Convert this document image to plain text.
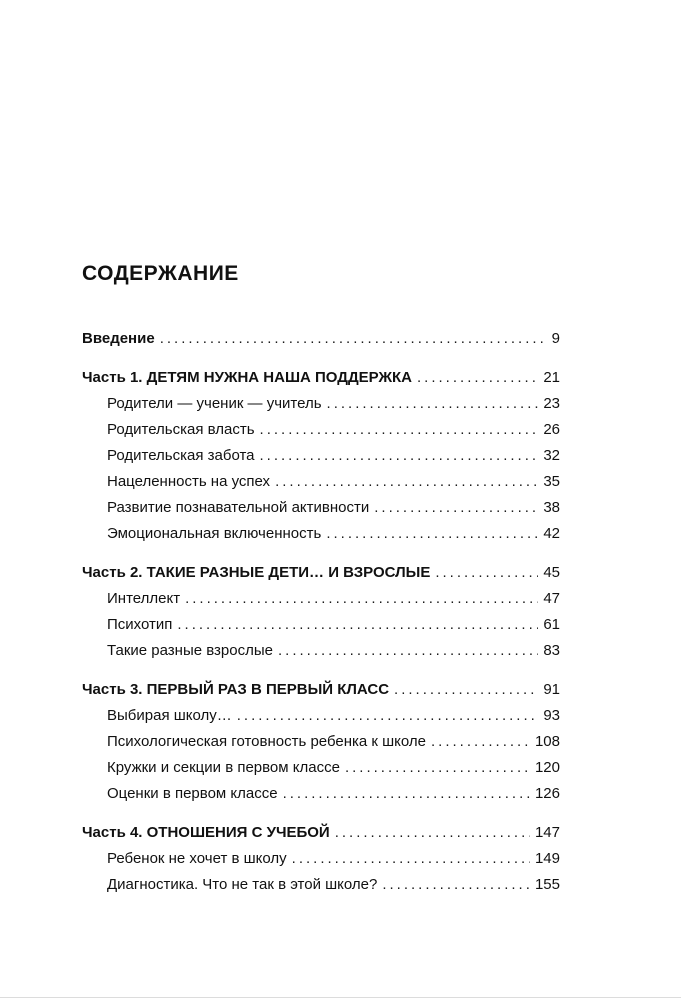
СОДЕРЖАНИЕ
Введение .....	9
Часть 1. ДЕТЯМ НУЖНА НАША ПОДДЕРЖКА .....	21
Родители — ученик — учитель .....	23
Родительская власть .....	26
Родительская забота .....	32
Нацеленность на успех .....	35
Развитие познавательной активности .....	38
Эмоциональная включенность .....	42
Часть 2. ТАКИЕ РАЗНЫЕ ДЕТИ… И ВЗРОСЛЫЕ .....	45
Интеллект .....	47
Психотип .....	61
Такие разные взрослые .....	83
Часть 3. ПЕРВЫЙ РАЗ В ПЕРВЫЙ КЛАСС .....	91
Выбирая школу… .....	93
Психологическая готовность ребенка к школе .....	108
Кружки и секции в первом классе .....	120
Оценки в первом классе .....	126
Часть 4. ОТНОШЕНИЯ С УЧЕБОЙ .....	147
Ребенок не хочет в школу .....	149
Диагностика. Что не так в этой школе? .....	155
